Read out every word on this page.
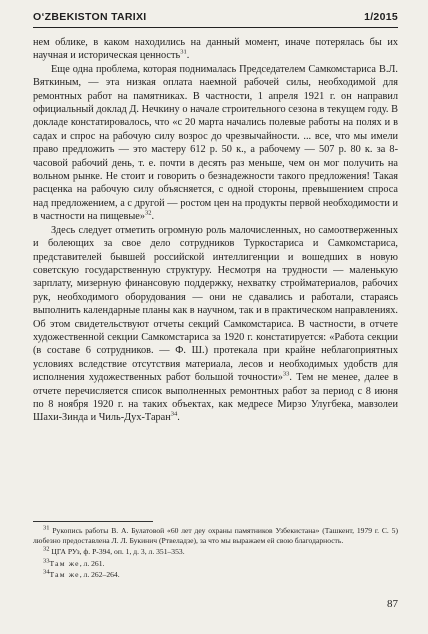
O‘ZBEKISTON TARIXI	1/2015

нем облике, в каком находились на данный момент, иначе потерялась бы их научная и историческая ценность$^{31}$.

Еще одна проблема, которая поднималась Председателем Самкомстариса В.Л. Вяткиным, — эта низкая оплата наемной рабочей силы, необходимой для ремонтных работ на памятниках. В частности, 1 апреля 1921 г. он направил официальный доклад Д. Нечкину о начале строительного сезона в текущем году. В докладе констатировалось, что «с 20 марта начались полевые работы на полях и в садах и спрос на рабочую силу возрос до чрезвычайности. ... все, что мы имели право предложить — это мастеру 612 р. 50 к., а рабочему — 507 р. 80 к. за 8-часовой рабочий день, т. е. почти в десять раз меньше, чем он мог получить на вольном рынке. Не стоит и говорить о безнадежности такого предложения! Такая расценка на рабочую силу объясняется, с одной стороны, превышением спроса над предложением, а с другой — ростом цен на продукты первой необходимости и в частности на пищевые»$^{32}$.

Здесь следует отметить огромную роль малочисленных, но самоотверженных и болеющих за свое дело сотрудников Туркостариса и Самкомстариса, представителей бывшей российской интеллигенции и вошедших в новую советскую государственную структуру. Несмотря на трудности — маленькую зарплату, мизерную финансовую поддержку, нехватку стройматериалов, рабочих рук, необходимого оборудования — они не сдавались и работали, стараясь выполнить календарные планы как в научном, так и в практическом направлениях. Об этом свидетельствуют отчеты секций Самкомстариса. В частности, в отчете художественной секции Самкомстариса за 1920 г. констатируется: «Работа секции (в составе 6 сотрудников. — Ф. Ш.) протекала при крайне неблагоприятных условиях вследствие отсутствия материала, лесов и необходимых удобств для исполнения художественных работ большой точности»$^{33}$. Тем не менее, далее в отчете перечисляется список выполненных ремонтных работ за период с 8 июня по 8 ноября 1920 г. на таких объектах, как медресе Мирзо Улугбека, мавзолеи Шахи-Зинда и Чиль-Дух-Таран$^{34}$.

$^{31}$ Рукопись работы В. А. Булатовой «60 лет деу охраны памятников Узбекистана» (Ташкент, 1979 г. С. 5) любезно предоставлена Л. Л. Букинич (Ртвеладзе), за что мы выражаем ей свою благодарность.

$^{32}$ ЦГА РУз, ф. Р-394, оп. 1, д. 3, л. 351–353.

$^{33}$Там же, л. 261.

$^{34}$Там же, л. 262–264.

87
